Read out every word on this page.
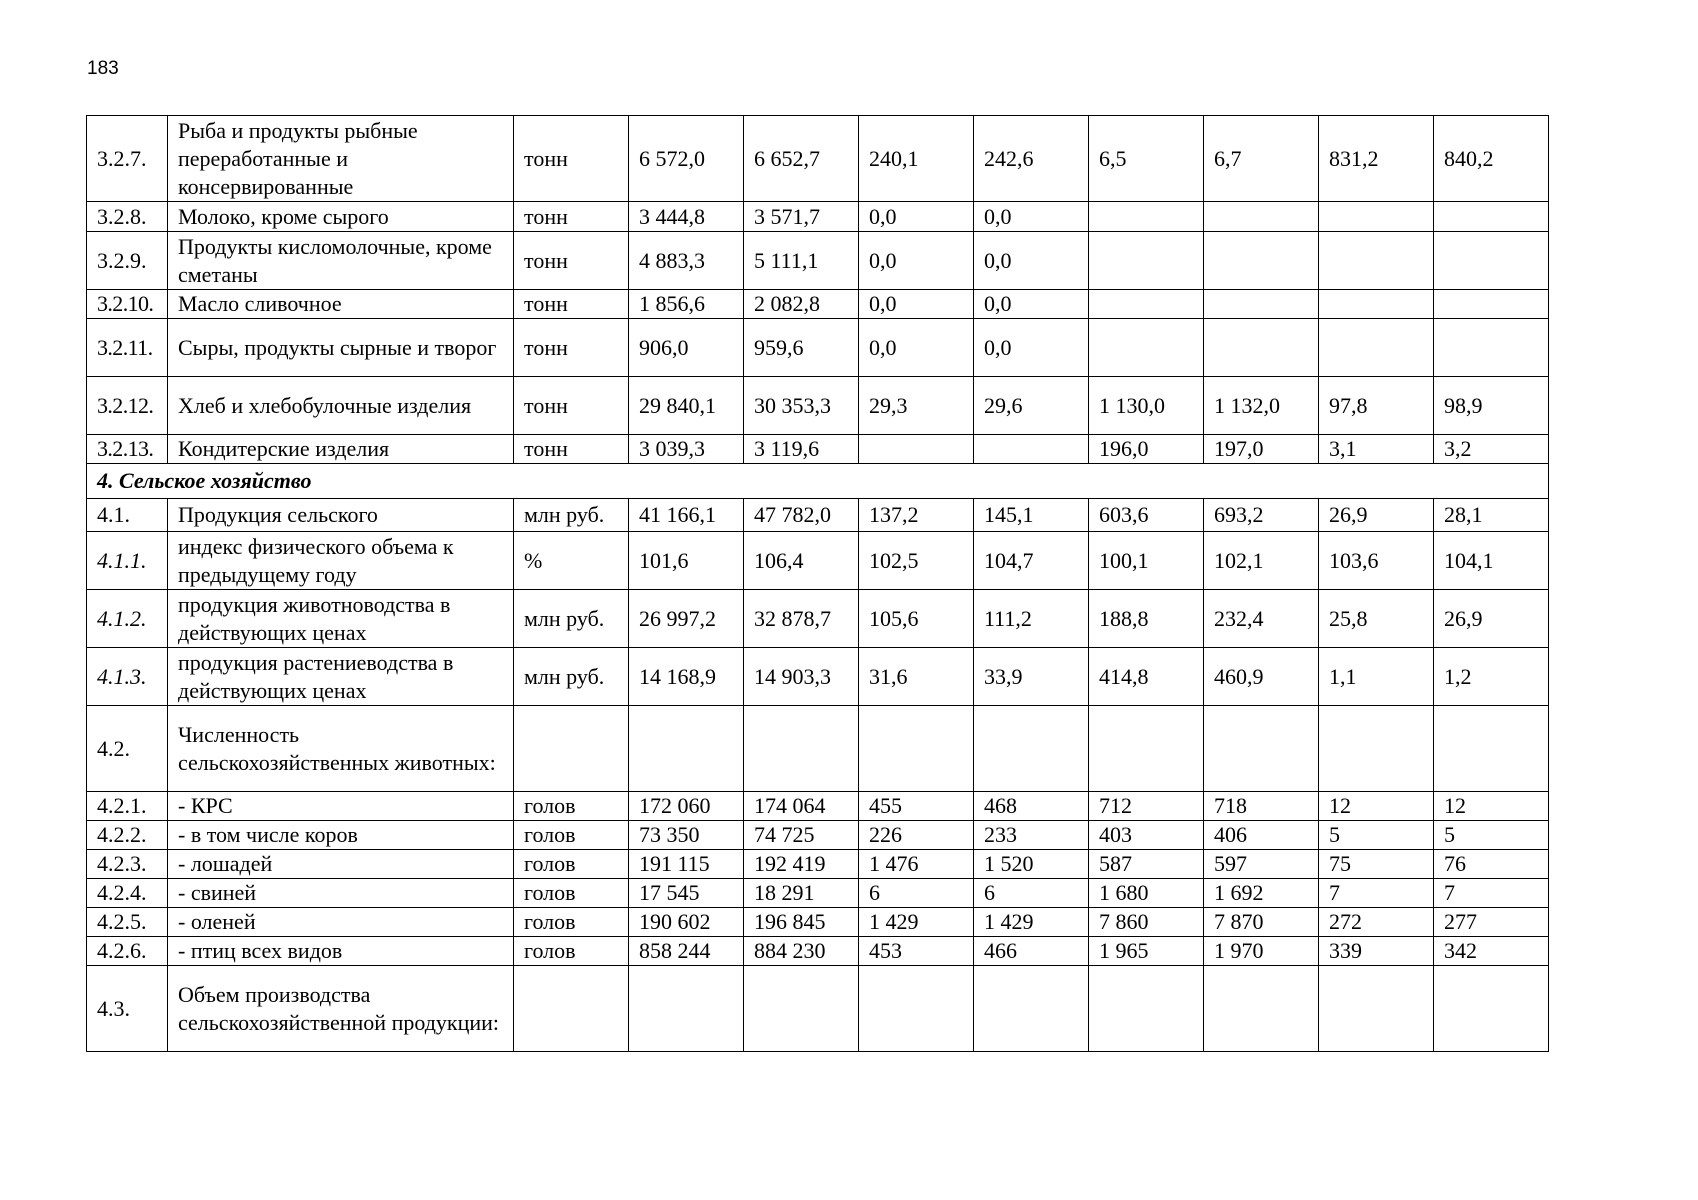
183
3.2.7.	Рыба и продукты рыбные переработанные и консервированные	тонн	6 572,0	6 652,7	240,1	242,6	6,5	6,7	831,2	840,2
3.2.8.	Молоко, кроме сырого	тонн	3 444,8	3 571,7	0,0	0,0				
3.2.9.	Продукты кисломолочные, кроме сметаны	тонн	4 883,3	5 111,1	0,0	0,0				
3.2.10.	Масло сливочное	тонн	1 856,6	2 082,8	0,0	0,0				
3.2.11.	Сыры, продукты сырные и творог	тонн	906,0	959,6	0,0	0,0				
3.2.12.	Хлеб и хлебобулочные изделия	тонн	29 840,1	30 353,3	29,3	29,6	1 130,0	1 132,0	97,8	98,9
3.2.13.	Кондитерские изделия	тонн	3 039,3	3 119,6			196,0	197,0	3,1	3,2
4. Сельское хозяйство										
4.1.	Продукция сельского	млн руб.	41 166,1	47 782,0	137,2	145,1	603,6	693,2	26,9	28,1
4.1.1.	индекс физического объема к предыдущему году	%	101,6	106,4	102,5	104,7	100,1	102,1	103,6	104,1
4.1.2.	продукция животноводства в действующих ценах	млн руб.	26 997,2	32 878,7	105,6	111,2	188,8	232,4	25,8	26,9
4.1.3.	продукция растениеводства в действующих ценах	млн руб.	14 168,9	14 903,3	31,6	33,9	414,8	460,9	1,1	1,2
4.2.	Численность сельскохозяйственных животных:									
4.2.1.	- КРС	голов	172 060	174 064	455	468	712	718	12	12
4.2.2.	- в том числе коров	голов	73 350	74 725	226	233	403	406	5	5
4.2.3.	- лошадей	голов	191 115	192 419	1 476	1 520	587	597	75	76
4.2.4.	- свиней	голов	17 545	18 291	6	6	1 680	1 692	7	7
4.2.5.	- оленей	голов	190 602	196 845	1 429	1 429	7 860	7 870	272	277
4.2.6.	- птиц всех видов	голов	858 244	884 230	453	466	1 965	1 970	339	342
4.3.	Объем производства сельскохозяйственной продукции:									
